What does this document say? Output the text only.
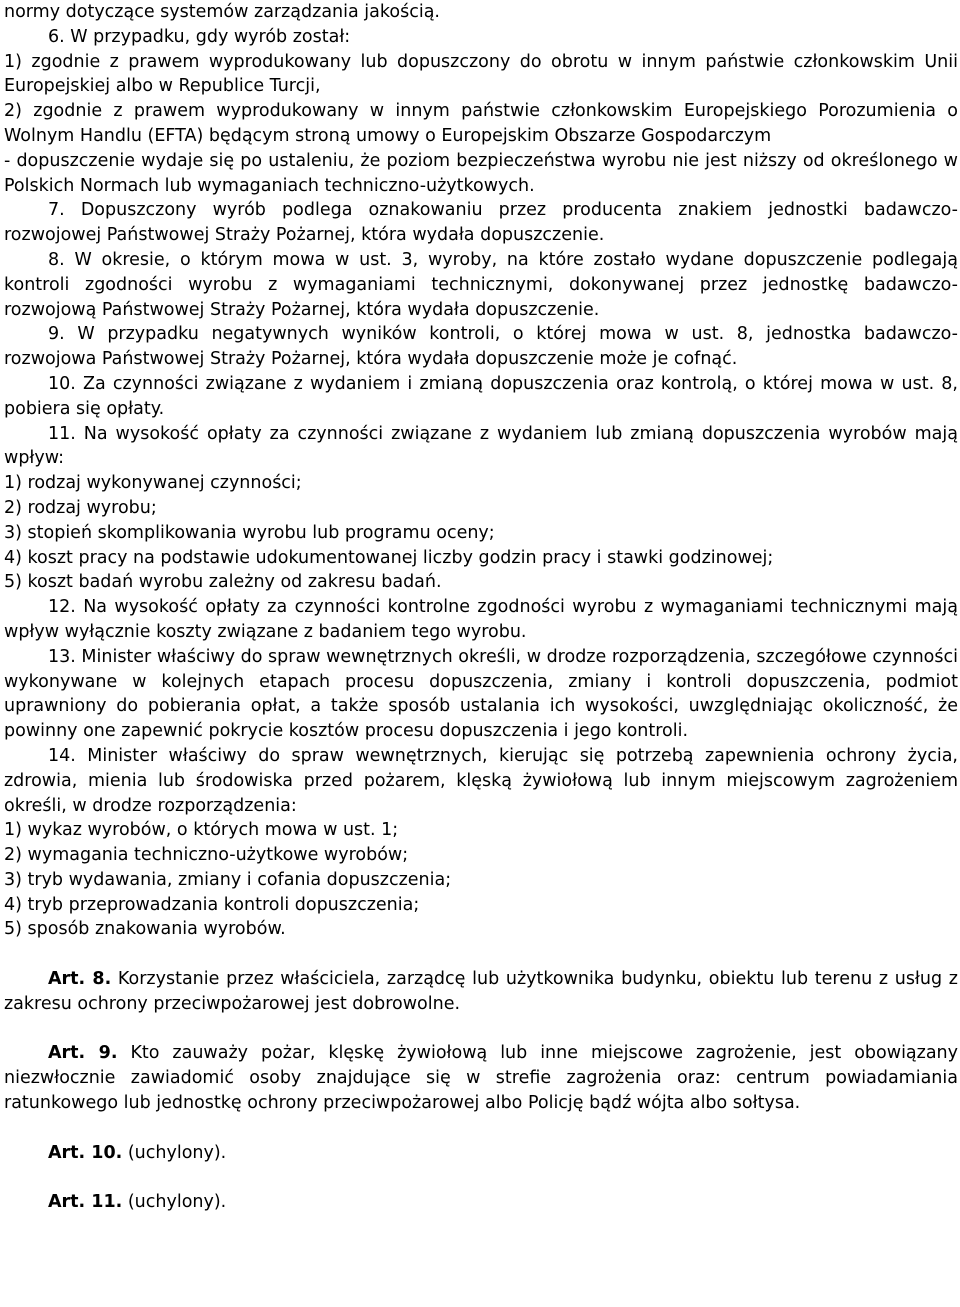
normy dotyczące systemów zarządzania jakością.

6. W przypadku, gdy wyrób został:

1) zgodnie z prawem wyprodukowany lub dopuszczony do obrotu w innym państwie członkowskim Unii Europejskiej albo w Republice Turcji,

2) zgodnie z prawem wyprodukowany w innym państwie członkowskim Europejskiego Porozumienia o Wolnym Handlu (EFTA) będącym stroną umowy o Europejskim Obszarze Gospodarczym

- dopuszczenie wydaje się po ustaleniu, że poziom bezpieczeństwa wyrobu nie jest niższy od określonego w Polskich Normach lub wymaganiach techniczno-użytkowych.

7. Dopuszczony wyrób podlega oznakowaniu przez producenta znakiem jednostki badawczo-rozwojowej Państwowej Straży Pożarnej, która wydała dopuszczenie.

8. W okresie, o którym mowa w ust. 3, wyroby, na które zostało wydane dopuszczenie podlegają kontroli zgodności wyrobu z wymaganiami technicznymi, dokonywanej przez jednostkę badawczo-rozwojową Państwowej Straży Pożarnej, która wydała dopuszczenie.

9. W przypadku negatywnych wyników kontroli, o której mowa w ust. 8, jednostka badawczo-rozwojowa Państwowej Straży Pożarnej, która wydała dopuszczenie może je cofnąć.

10. Za czynności związane z wydaniem i zmianą dopuszczenia oraz kontrolą, o której mowa w ust. 8, pobiera się opłaty.

11. Na wysokość opłaty za czynności związane z wydaniem lub zmianą dopuszczenia wyrobów mają wpływ:

1) rodzaj wykonywanej czynności;

2) rodzaj wyrobu;

3) stopień skomplikowania wyrobu lub programu oceny;

4) koszt pracy na podstawie udokumentowanej liczby godzin pracy i stawki godzinowej;

5) koszt badań wyrobu zależny od zakresu badań.

12. Na wysokość opłaty za czynności kontrolne zgodności wyrobu z wymaganiami technicznymi mają wpływ wyłącznie koszty związane z badaniem tego wyrobu.

13. Minister właściwy do spraw wewnętrznych określi, w drodze rozporządzenia, szczegółowe czynności wykonywane w kolejnych etapach procesu dopuszczenia, zmiany i kontroli dopuszczenia, podmiot uprawniony do pobierania opłat, a także sposób ustalania ich wysokości, uwzględniając okoliczność, że powinny one zapewnić pokrycie kosztów procesu dopuszczenia i jego kontroli.

14. Minister właściwy do spraw wewnętrznych, kierując się potrzebą zapewnienia ochrony życia, zdrowia, mienia lub środowiska przed pożarem, klęską żywiołową lub innym miejscowym zagrożeniem określi, w drodze rozporządzenia:

1) wykaz wyrobów, o których mowa w ust. 1;

2) wymagania techniczno-użytkowe wyrobów;

3) tryb wydawania, zmiany i cofania dopuszczenia;

4) tryb przeprowadzania kontroli dopuszczenia;

5) sposób znakowania wyrobów.

Art. 8. Korzystanie przez właściciela, zarządcę lub użytkownika budynku, obiektu lub terenu z usług z zakresu ochrony przeciwpożarowej jest dobrowolne.

Art. 9. Kto zauważy pożar, klęskę żywiołową lub inne miejscowe zagrożenie, jest obowiązany niezwłocznie zawiadomić osoby znajdujące się w strefie zagrożenia oraz: centrum powiadamiania ratunkowego lub jednostkę ochrony przeciwpożarowej albo Policję bądź wójta albo sołtysa.

Art. 10. (uchylony).

Art. 11. (uchylony).
